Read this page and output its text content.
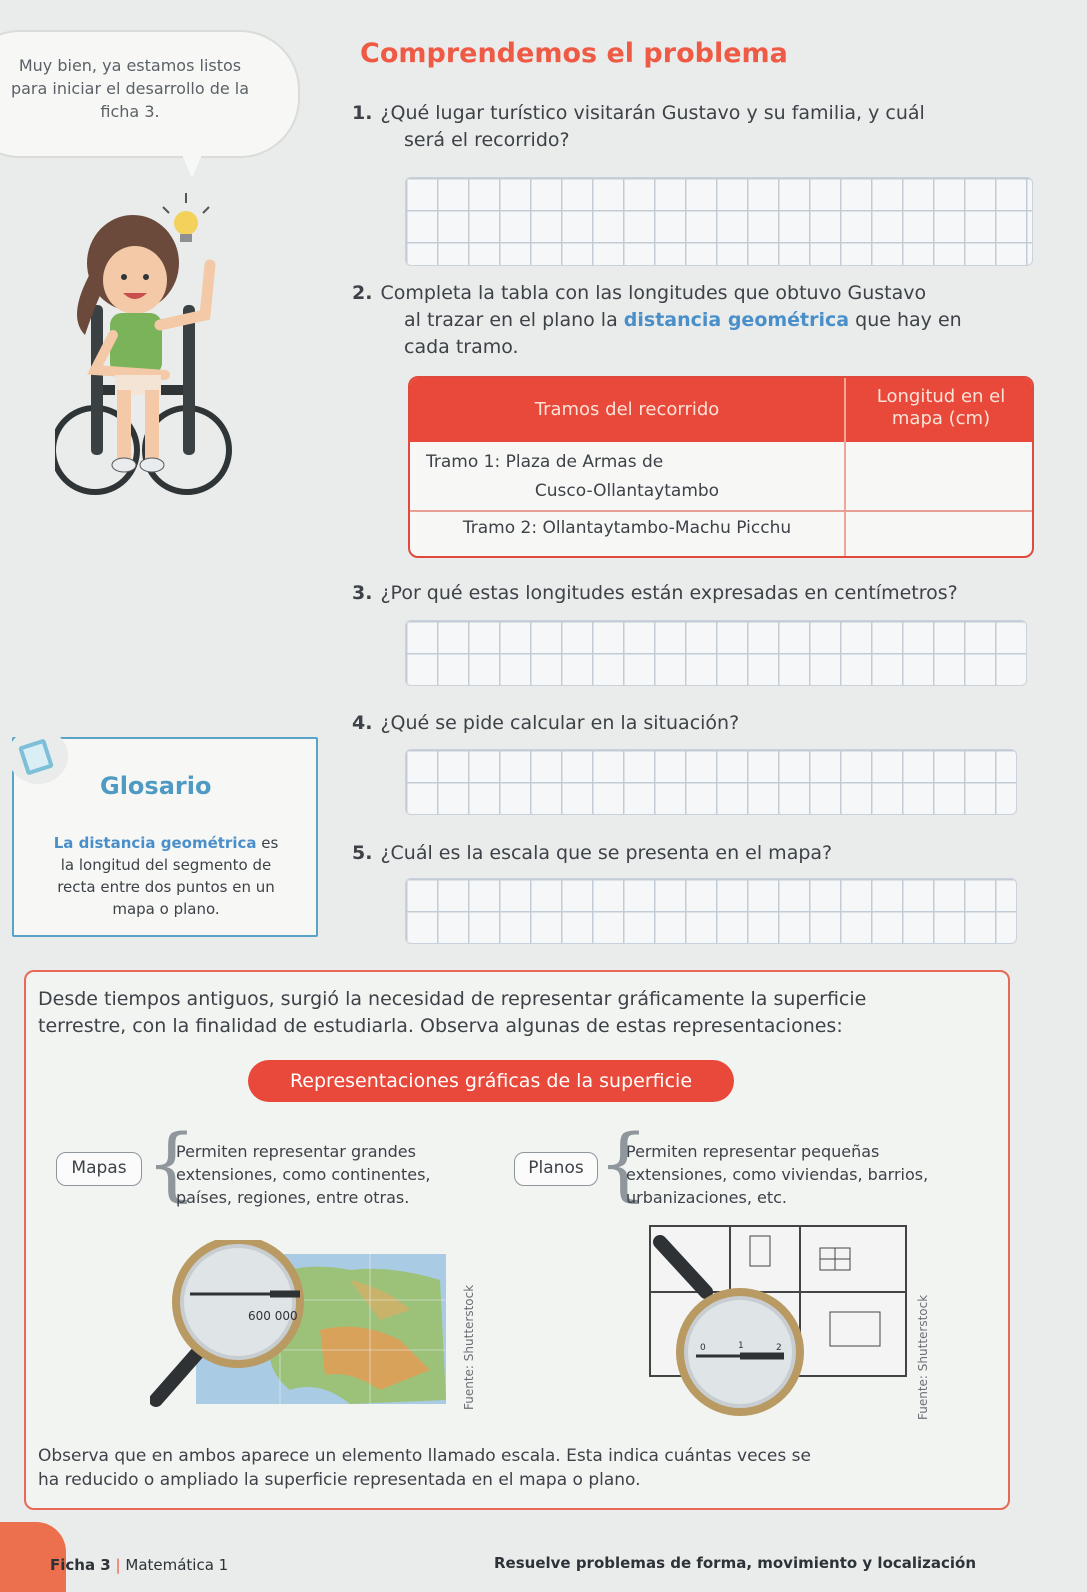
Muy bien, ya estamos listos
para iniciar el desarrollo de la
ficha 3.
Comprendemos el problema
1. ¿Qué lugar turístico visitarán Gustavo y su familia, y cuál
será el recorrido?
2. Completa la tabla con las longitudes que obtuvo Gustavo
al trazar en el plano la distancia geométrica que hay en
cada tramo.
Tramos del recorrido
Longitud en el
mapa (cm)
Tramo 1: Plaza de Armas de
Cusco-Ollantaytambo
Tramo 2: Ollantaytambo-Machu Picchu
3. ¿Por qué estas longitudes están expresadas en centímetros?
4. ¿Qué se pide calcular en la situación?
Glosario
La distancia geométrica es
la longitud del segmento de
recta entre dos puntos en un
mapa o plano.
5. ¿Cuál es la escala que se presenta en el mapa?
Desde tiempos antiguos, surgió la necesidad de representar gráficamente la superficie
terrestre, con la finalidad de estudiarla. Observa algunas de estas representaciones:
Representaciones gráficas de la superficie
Mapas {
Permiten representar grandes
extensiones, como continentes,
países, regiones, entre otras.
Planos {
Permiten representar pequeñas
extensiones, como viviendas, barrios,
urbanizaciones, etc.
600 000	Fuente: Shutterstock	0	1	2	Fuente: Shutterstock
Observa que en ambos aparece un elemento llamado escala. Esta indica cuántas veces se
ha reducido o ampliado la superficie representada en el mapa o plano.
Ficha 3 | Matemática 1	Resuelve problemas de forma, movimiento y localización
